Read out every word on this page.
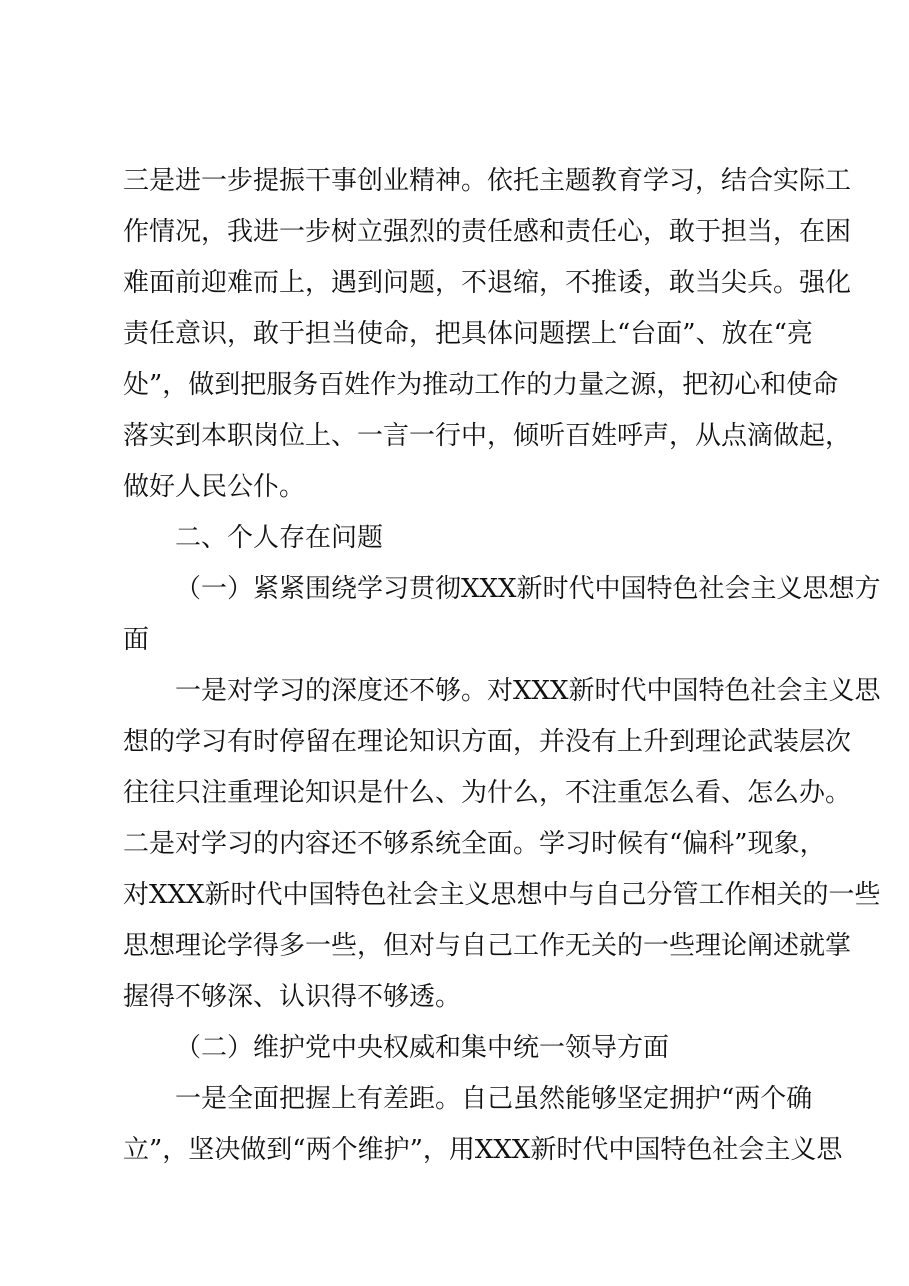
三是进一步提振干事创业精神。依托主题教育学习，结合实际工
作情况，我进一步树立强烈的责任感和责任心，敢于担当，在困
难面前迎难而上，遇到问题，不退缩，不推诿，敢当尖兵。强化
责任意识，敢于担当使命，把具体问题摆上“台面”、放在“亮
处”，做到把服务百姓作为推动工作的力量之源，把初心和使命
落实到本职岗位上、一言一行中，倾听百姓呼声，从点滴做起，
做好人民公仆。
二、个人存在问题
（一）紧紧围绕学习贯彻XXX新时代中国特色社会主义思想方
面
一是对学习的深度还不够。对XXX新时代中国特色社会主义思
想的学习有时停留在理论知识方面，并没有上升到理论武装层次
往往只注重理论知识是什么、为什么，不注重怎么看、怎么办。
二是对学习的内容还不够系统全面。学习时候有“偏科”现象，
对XXX新时代中国特色社会主义思想中与自己分管工作相关的一些
思想理论学得多一些，但对与自己工作无关的一些理论阐述就掌
握得不够深、认识得不够透。
（二）维护党中央权威和集中统一领导方面
一是全面把握上有差距。自己虽然能够坚定拥护“两个确
立”，坚决做到“两个维护”，用XXX新时代中国特色社会主义思
